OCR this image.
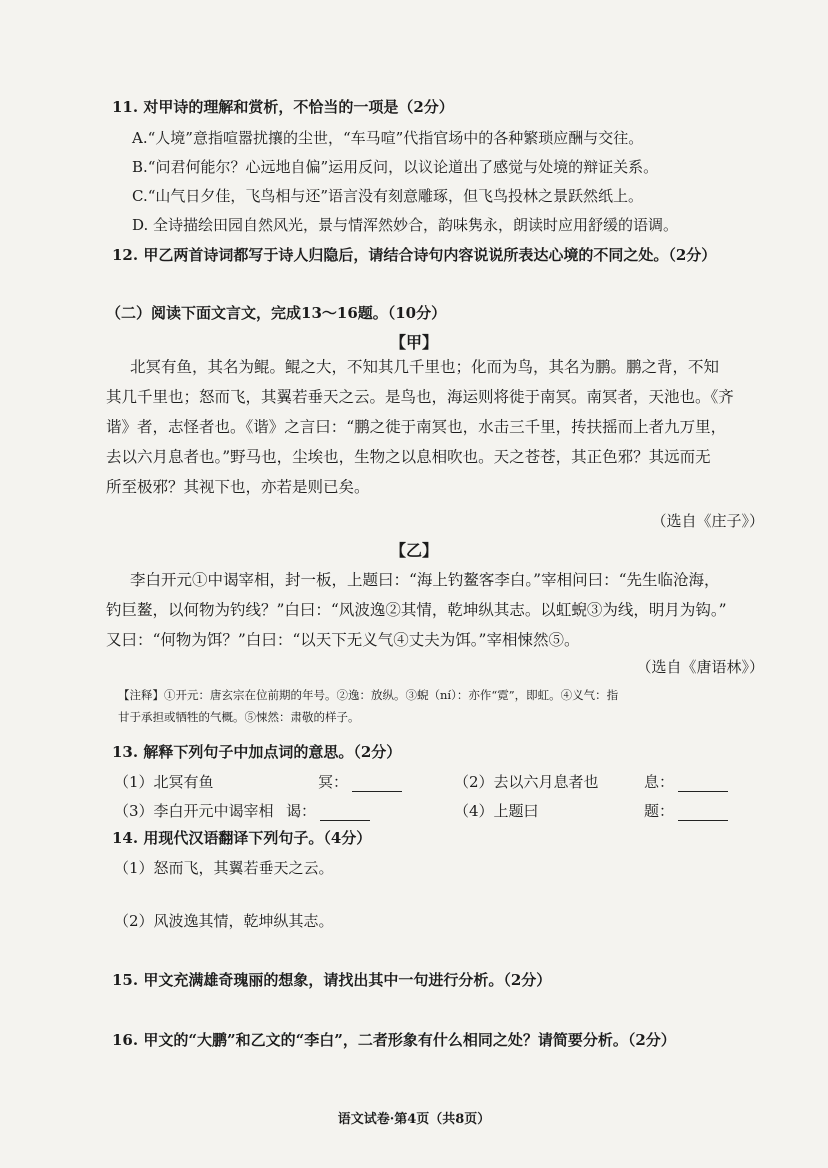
11. 对甲诗的理解和赏析，不恰当的一项是（2分）
A.“人境”意指喧嚣扰攘的尘世，“车马喧”代指官场中的各种繁琐应酬与交往。
B.“问君何能尔？心远地自偏”运用反问，以议论道出了感觉与处境的辩证关系。
C.“山气日夕佳，飞鸟相与还”语言没有刻意雕琢，但飞鸟投林之景跃然纸上。
D. 全诗描绘田园自然风光，景与情浑然妙合，韵味隽永，朗读时应用舒缓的语调。
12. 甲乙两首诗词都写于诗人归隐后，请结合诗句内容说说所表达心境的不同之处。（2分）
（二）阅读下面文言文，完成13～16题。（10分）
【甲】
北冥有鱼，其名为鲲。鲲之大，不知其几千里也；化而为鸟，其名为鹏。鹏之背，不知
其几千里也；怒而飞，其翼若垂天之云。是鸟也，海运则将徙于南冥。南冥者，天池也。《齐
谐》者，志怪者也。《谐》之言曰：“鹏之徙于南冥也，水击三千里，抟扶摇而上者九万里，
去以六月息者也。”野马也，尘埃也，生物之以息相吹也。天之苍苍，其正色邪？其远而无
所至极邪？其视下也，亦若是则已矣。
（选自《庄子》）
【乙】
李白开元①中谒宰相，封一板，上题曰：“海上钓鳌客李白。”宰相问曰：“先生临沧海，
钓巨鳌，以何物为钓线？”白曰：“风波逸②其情，乾坤纵其志。以虹蜺③为线，明月为钩。”
又曰：“何物为饵？”白曰：“以天下无义气④丈夫为饵。”宰相悚然⑤。
（选自《唐语林》）
【注释】①开元：唐玄宗在位前期的年号。②逸：放纵。③蜺（ní）：亦作“霓”，即虹。④义气：指
甘于承担或牺牲的气概。⑤悚然：肃敬的样子。
13. 解释下列句子中加点词的意思。（2分）
（1）北冥有鱼	冥：	（2）去以六月息者也	息：
（3）李白开元中谒宰相 谒：	（4）上题曰	题：
14. 用现代汉语翻译下列句子。（4分）
（1）怒而飞，其翼若垂天之云。
（2）风波逸其情，乾坤纵其志。
15. 甲文充满雄奇瑰丽的想象，请找出其中一句进行分析。（2分）
16. 甲文的“大鹏”和乙文的“李白”，二者形象有什么相同之处？请简要分析。（2分）
语文试卷·第4页（共8页）
